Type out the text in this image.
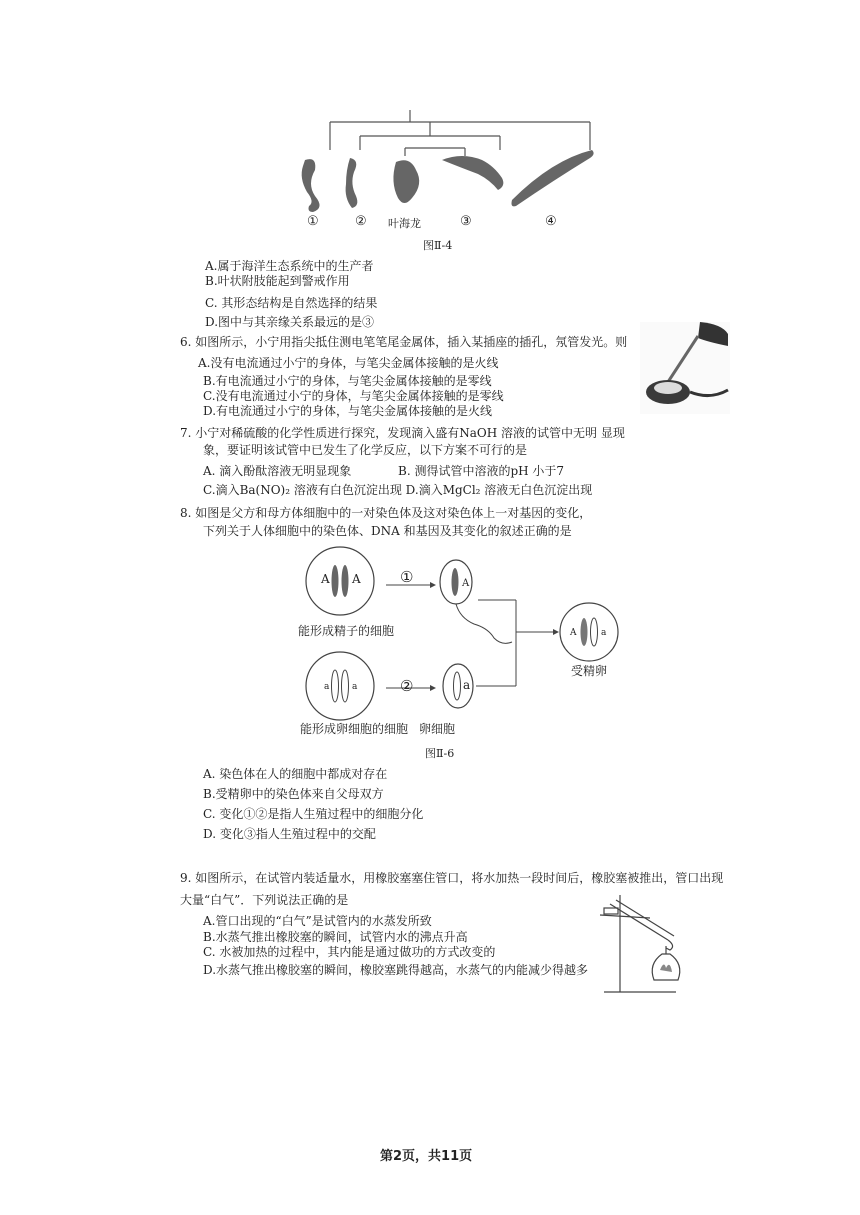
①	② 叶海龙	③	④
图Ⅱ-4
A.属于海洋生态系统中的生产者
B.叶状附肢能起到警戒作用
C. 其形态结构是自然选择的结果
D.图中与其亲缘关系最远的是③
6. 如图所示，小宁用指尖抵住测电笔笔尾金属体，插入某插座的插孔，氖管发光。则
A.没有电流通过小宁的身体，与笔尖金属体接触的是火线
B.有电流通过小宁的身体，与笔尖金属体接触的是零线
C.没有电流通过小宁的身体，与笔尖金属体接触的是零线
D.有电流通过小宁的身体，与笔尖金属体接触的是火线
7. 小宁对稀硫酸的化学性质进行探究，发现滴入盛有NaOH 溶液的试管中无明 显现
象，要证明该试管中已发生了化学反应，以下方案不可行的是
A. 滴入酚酞溶液无明显现象	B. 测得试管中溶液的pH 小于7
C.滴入Ba(NO)₂ 溶液有白色沉淀出现 D.滴入MgCl₂ 溶液无白色沉淀出现
8. 如图是父方和母方体细胞中的一对染色体及这对染色体上一对基因的变化，
下列关于人体细胞中的染色体、DNA 和基因及其变化的叙述正确的是
A A	①	A
能形成精子的细胞
a	a	②	a
A	a
受精卵
能形成卵细胞的细胞 卵细胞
图Ⅱ-6
A. 染色体在人的细胞中都成对存在
B.受精卵中的染色体来自父母双方
C. 变化①②是指人生殖过程中的细胞分化
D. 变化③指人生殖过程中的交配
9. 如图所示，在试管内装适量水，用橡胶塞塞住管口，将水加热一段时间后，橡胶塞被推出，管口出现
大量“白气”．下列说法正确的是
A.管口出现的“白气”是试管内的水蒸发所致
B.水蒸气推出橡胶塞的瞬间，试管内水的沸点升高
C. 水被加热的过程中，其内能是通过做功的方式改变的
D.水蒸气推出橡胶塞的瞬间，橡胶塞跳得越高，水蒸气的内能减少得越多
第2页，共11页
